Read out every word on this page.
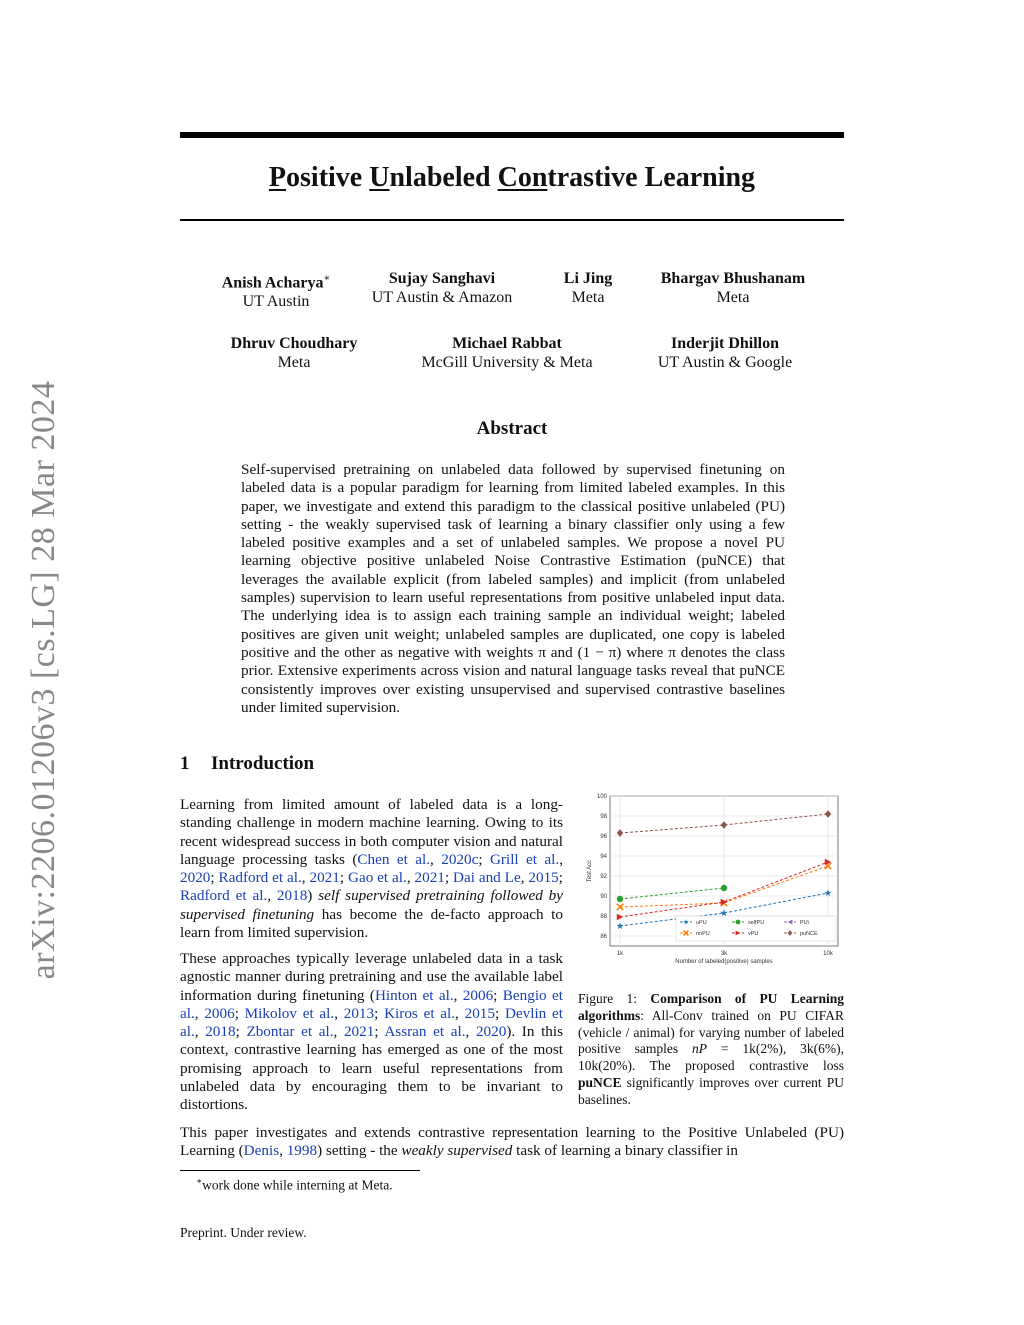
arXiv:2206.01206v3 [cs.LG] 28 Mar 2024
Positive Unlabeled Contrastive Learning
Anish Acharya∗
UT Austin
Sujay Sanghavi
UT Austin & Amazon
Li Jing
Meta
Bhargav Bhushanam
Meta
Dhruv Choudhary
Meta
Michael Rabbat
McGill University & Meta
Inderjit Dhillon
UT Austin & Google
Abstract
Self-supervised pretraining on unlabeled data followed by supervised finetuning on labeled data is a popular paradigm for learning from limited labeled examples. In this paper, we investigate and extend this paradigm to the classical positive unlabeled (PU) setting - the weakly supervised task of learning a binary classifier only using a few labeled positive examples and a set of unlabeled samples. We propose a novel PU learning objective positive unlabeled Noise Contrastive Estimation (puNCE) that leverages the available explicit (from labeled samples) and implicit (from unlabeled samples) supervision to learn useful representations from positive unlabeled input data. The underlying idea is to assign each training sample an individual weight; labeled positives are given unit weight; unlabeled samples are duplicated, one copy is labeled positive and the other as negative with weights π and (1 − π) where π denotes the class prior. Extensive experiments across vision and natural language tasks reveal that puNCE consistently improves over existing unsupervised and supervised contrastive baselines under limited supervision.
1 Introduction
Learning from limited amount of labeled data is a long-standing challenge in modern machine learning. Owing to its recent widespread success in both computer vision and natural language processing tasks (Chen et al., 2020c; Grill et al., 2020; Radford et al., 2021; Gao et al., 2021; Dai and Le, 2015; Radford et al., 2018) self supervised pretraining followed by supervised finetuning has become the de-facto approach to learn from limited supervision.
These approaches typically leverage unlabeled data in a task agnostic manner during pretraining and use the available label information during finetuning (Hinton et al., 2006; Bengio et al., 2006; Mikolov et al., 2013; Kiros et al., 2015; Devlin et al., 2018; Zbontar et al., 2021; Assran et al., 2020). In this context, contrastive learning has emerged as one of the most promising approach to learn useful representations from unlabeled data by encouraging them to be invariant to distortions.
86
88
90
92
94
96
98
100
1k	3k	10k
Number of labeled(positive) samples
Test Acc
uPU
nnPU
selfPU
vPU
PU\
puNCE
Figure 1: Comparison of PU Learning algorithms: All-Conv trained on PU CIFAR (vehicle / animal) for varying number of labeled positive samples nP = 1k(2%), 3k(6%), 10k(20%). The proposed contrastive loss puNCE significantly improves over current PU baselines.
This paper investigates and extends contrastive representation learning to the Positive Unlabeled (PU) Learning (Denis, 1998) setting - the weakly supervised task of learning a binary classifier in
∗work done while interning at Meta.
Preprint. Under review.
